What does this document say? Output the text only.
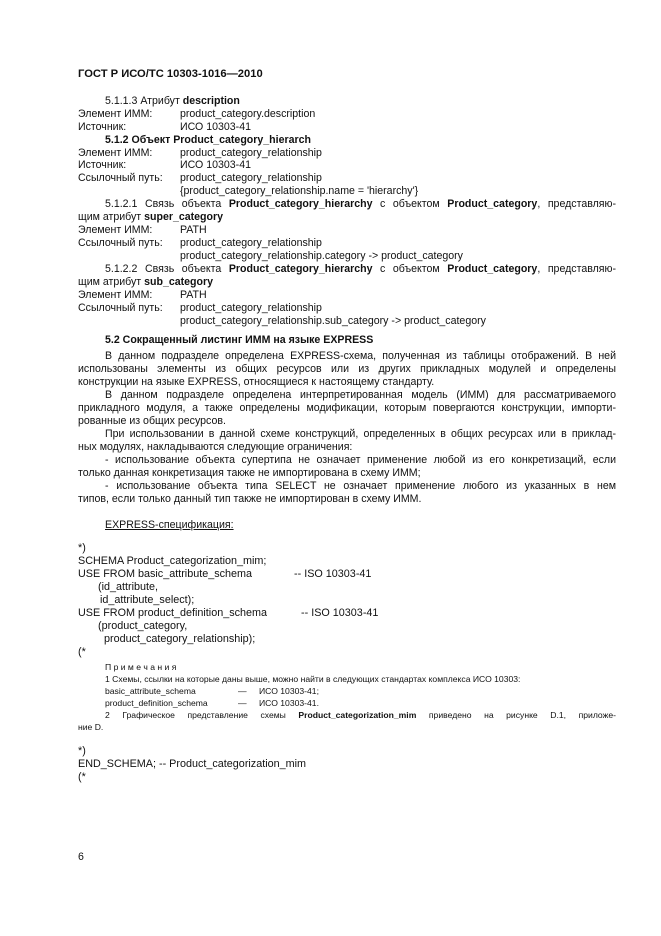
ГОСТ Р ИСО/ТС 10303-1016—2010
5.1.1.3 Атрибут description
Элемент ИММ:	product_category.description
Источник:	ИСО 10303-41
5.1.2 Объект Product_category_hierarch
Элемент ИММ:	product_category_relationship
Источник:	ИСО 10303-41
Ссылочный путь: product_category_relationship
{product_category_relationship.name = 'hierarchy'}
5.1.2.1 Связь объекта Product_category_hierarchy с объектом Product_category, представляю-
щим атрибут super_category
Элемент ИММ:	PATH
Ссылочный путь: product_category_relationship
product_category_relationship.category -> product_category
5.1.2.2 Связь объекта Product_category_hierarchy с объектом Product_category, представляю-
щим атрибут sub_category
Элемент ИММ:	PATH
Ссылочный путь: product_category_relationship
product_category_relationship.sub_category -> product_category
5.2 Сокращенный листинг ИММ на языке EXPRESS
В данном подразделе определена EXPRESS-схема, полученная из таблицы отображений. В ней
использованы элементы из общих ресурсов или из других прикладных модулей и определены
конструкции на языке EXPRESS, относящиеся к настоящему стандарту.
В данном подразделе определена интерпретированная модель (ИММ) для рассматриваемого
прикладного модуля, а также определены модификации, которым повергаются конструкции, импорти-
рованные из общих ресурсов.
При использовании в данной схеме конструкций, определенных в общих ресурсах или в приклад-
ных модулях, накладываются следующие ограничения:
- использование объекта супертипа не означает применение любой из его конкретизаций, если
только данная конкретизация также не импортирована в схему ИММ;
- использование объекта типа SELECT не означает применение любого из указанных в нем
типов, если только данный тип также не импортирован в схему ИММ.
EXPRESS-спецификация:
*)
SCHEMA Product_categorization_mim;
USE FROM basic_attribute_schema	-- ISO 10303-41
(id_attribute,
id_attribute_select);
USE FROM product_definition_schema	-- ISO 10303-41
(product_category,
product_category_relationship);
(*
П р и м е ч а н и я
1 Схемы, ссылки на которые даны выше, можно найти в следующих стандартах комплекса ИСО 10303:
basic_attribute_schema	— ИСО 10303-41;
product_definition_schema	— ИСО 10303-41.
2 Графическое представление схемы Product_categorization_mim приведено на рисунке D.1, приложе-
ние D.
*)
END_SCHEMA; -- Product_categorization_mim
(*
6
